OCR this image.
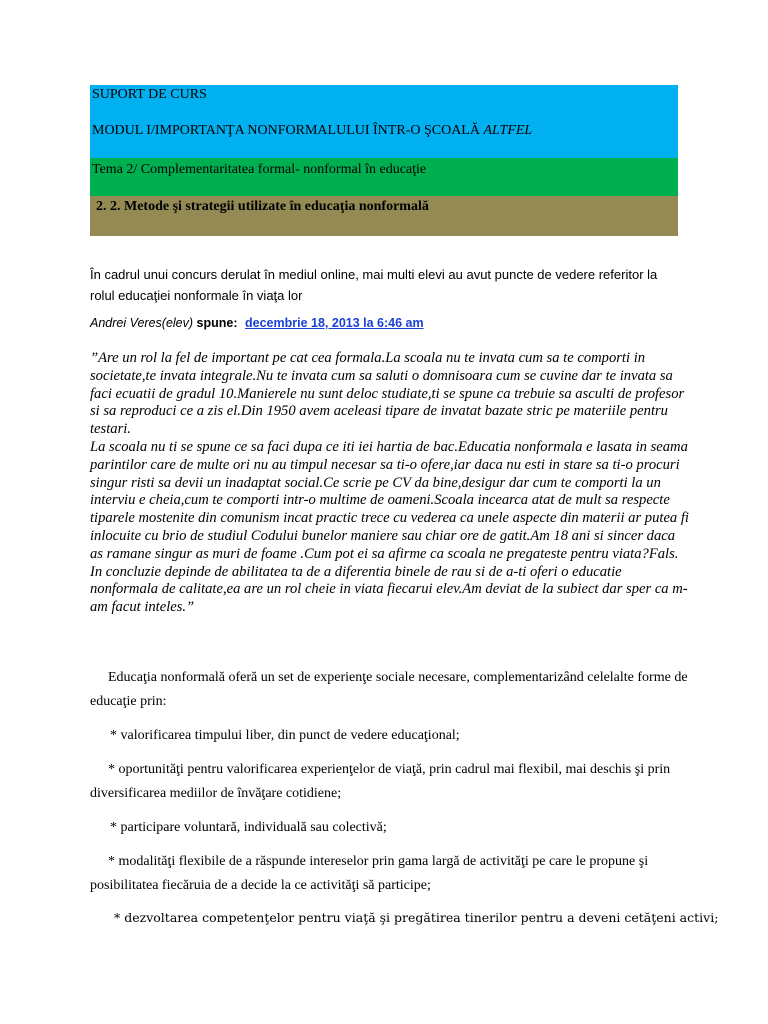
SUPORT DE CURS
MODUL I/IMPORTANŢA NONFORMALULUI ÎNTR-O ŞCOALĂ ALTFEL
Tema 2/ Complementaritatea formal- nonformal în educaţie
2. 2. Metode şi strategii utilizate în educaţia nonformală
În cadrul unui concurs derulat în mediul online, mai multi elevi au avut puncte de vedere referitor la
rolul educaţiei nonformale în viaţa lor
Andrei Veres(elev) spune: decembrie 18, 2013 la 6:46 am

”Are un rol la fel de important pe cat cea formala.La scoala nu te invata cum sa te comporti in societate,te invata integrale.Nu te invata cum sa saluti o domnisoara cum se cuvine dar te invata sa faci ecuatii de gradul 10.Manierele nu sunt deloc studiate,ti se spune ca trebuie sa asculti de profesor si sa reproduci ce a zis el.Din 1950 avem aceleasi tipare de invatat bazate stric pe materiile pentru testari.

La scoala nu ti se spune ce sa faci dupa ce iti iei hartia de bac.Educatia nonformala e lasata in seama parintilor care de multe ori nu au timpul necesar sa ti-o ofere,iar daca nu esti in stare sa ti-o procuri singur risti sa devii un inadaptat social.Ce scrie pe CV da bine,desigur dar cum te comporti la un interviu e cheia,cum te comporti intr-o multime de oameni.Scoala incearca atat de mult sa respecte tiparele mostenite din comunism incat practic trece cu vederea ca unele aspecte din materii ar putea fi inlocuite cu brio de studiul Codului bunelor maniere sau chiar ore de gatit.Am 18 ani si sincer daca as ramane singur as muri de foame .Cum pot ei sa afirme ca scoala ne pregateste pentru viata?Fals.

In concluzie depinde de abilitatea ta de a diferentia binele de rau si de a-ti oferi o educatie nonformala de calitate,ea are un rol cheie in viata fiecarui elev.Am deviat de la subiect dar sper ca m-am facut inteles.”

Educaţia nonformală oferă un set de experienţe sociale necesare, complementarizând celelalte forme de educaţie prin:
* valorificarea timpului liber, din punct de vedere educaţional;
* oportunităţi pentru valorificarea experienţelor de viaţă, prin cadrul mai flexibil, mai deschis şi prin diversificarea mediilor de învăţare cotidiene;
* participare voluntară, individuală sau colectivă;
* modalităţi flexibile de a răspunde intereselor prin gama largă de activităţi pe care le propune şi posibilitatea fiecăruia de a decide la ce activităţi să participe;
* dezvoltarea competenţelor pentru viaţă şi pregătirea tinerilor pentru a deveni cetăţeni activi;
